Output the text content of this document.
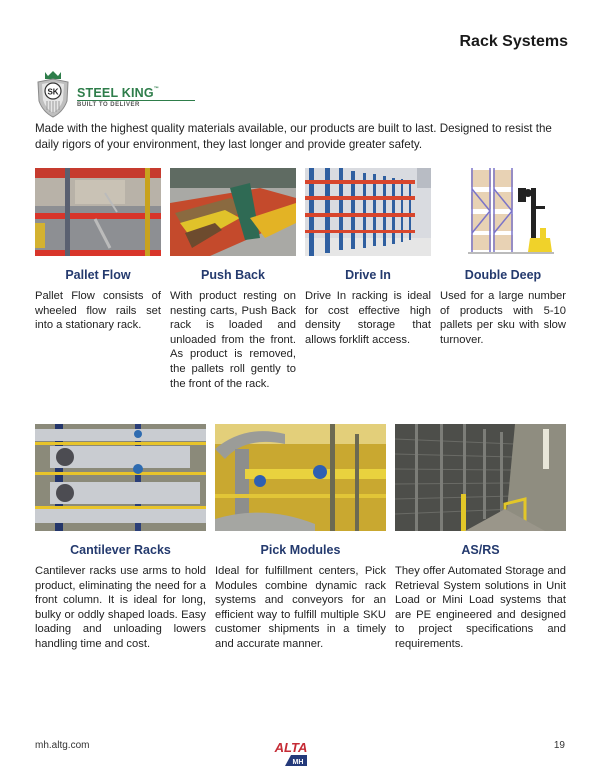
Rack Systems
SK STEEL KING™
BUILT TO DELIVER

Made with the highest quality materials available, our products are built to last. Designed to resist the daily rigors of your environment, they last longer and provide greater safety.

Pallet Flow
Pallet Flow consists of wheeled flow rails set into a stationary rack.
Push Back
With product resting on nesting carts, Push Back rack is loaded and unloaded from the front. As product is removed, the pallets roll gently to the front of the rack.
Drive In
Drive In racking is ideal for cost effective high density storage that allows forklift access.
Double Deep
Used for a large number of products with 5-10 pallets per sku with slow turnover.
Cantilever Racks
Cantilever racks use arms to hold product, eliminating the need for a front column. It is ideal for long, bulky or oddly shaped loads. Easy loading and unloading lowers handling time and cost.
Pick Modules
Ideal for fulfillment centers, Pick Modules combine dynamic rack systems and conveyors for an efficient way to fulfill multiple SKU customer shipments in a timely and accurate manner.
AS/RS
They offer Automated Storage and Retrieval System solutions in Unit Load or Mini Load systems that are PE engineered and designed to project specifications and requirements.
mh.altg.com	ALTA
MH
19
